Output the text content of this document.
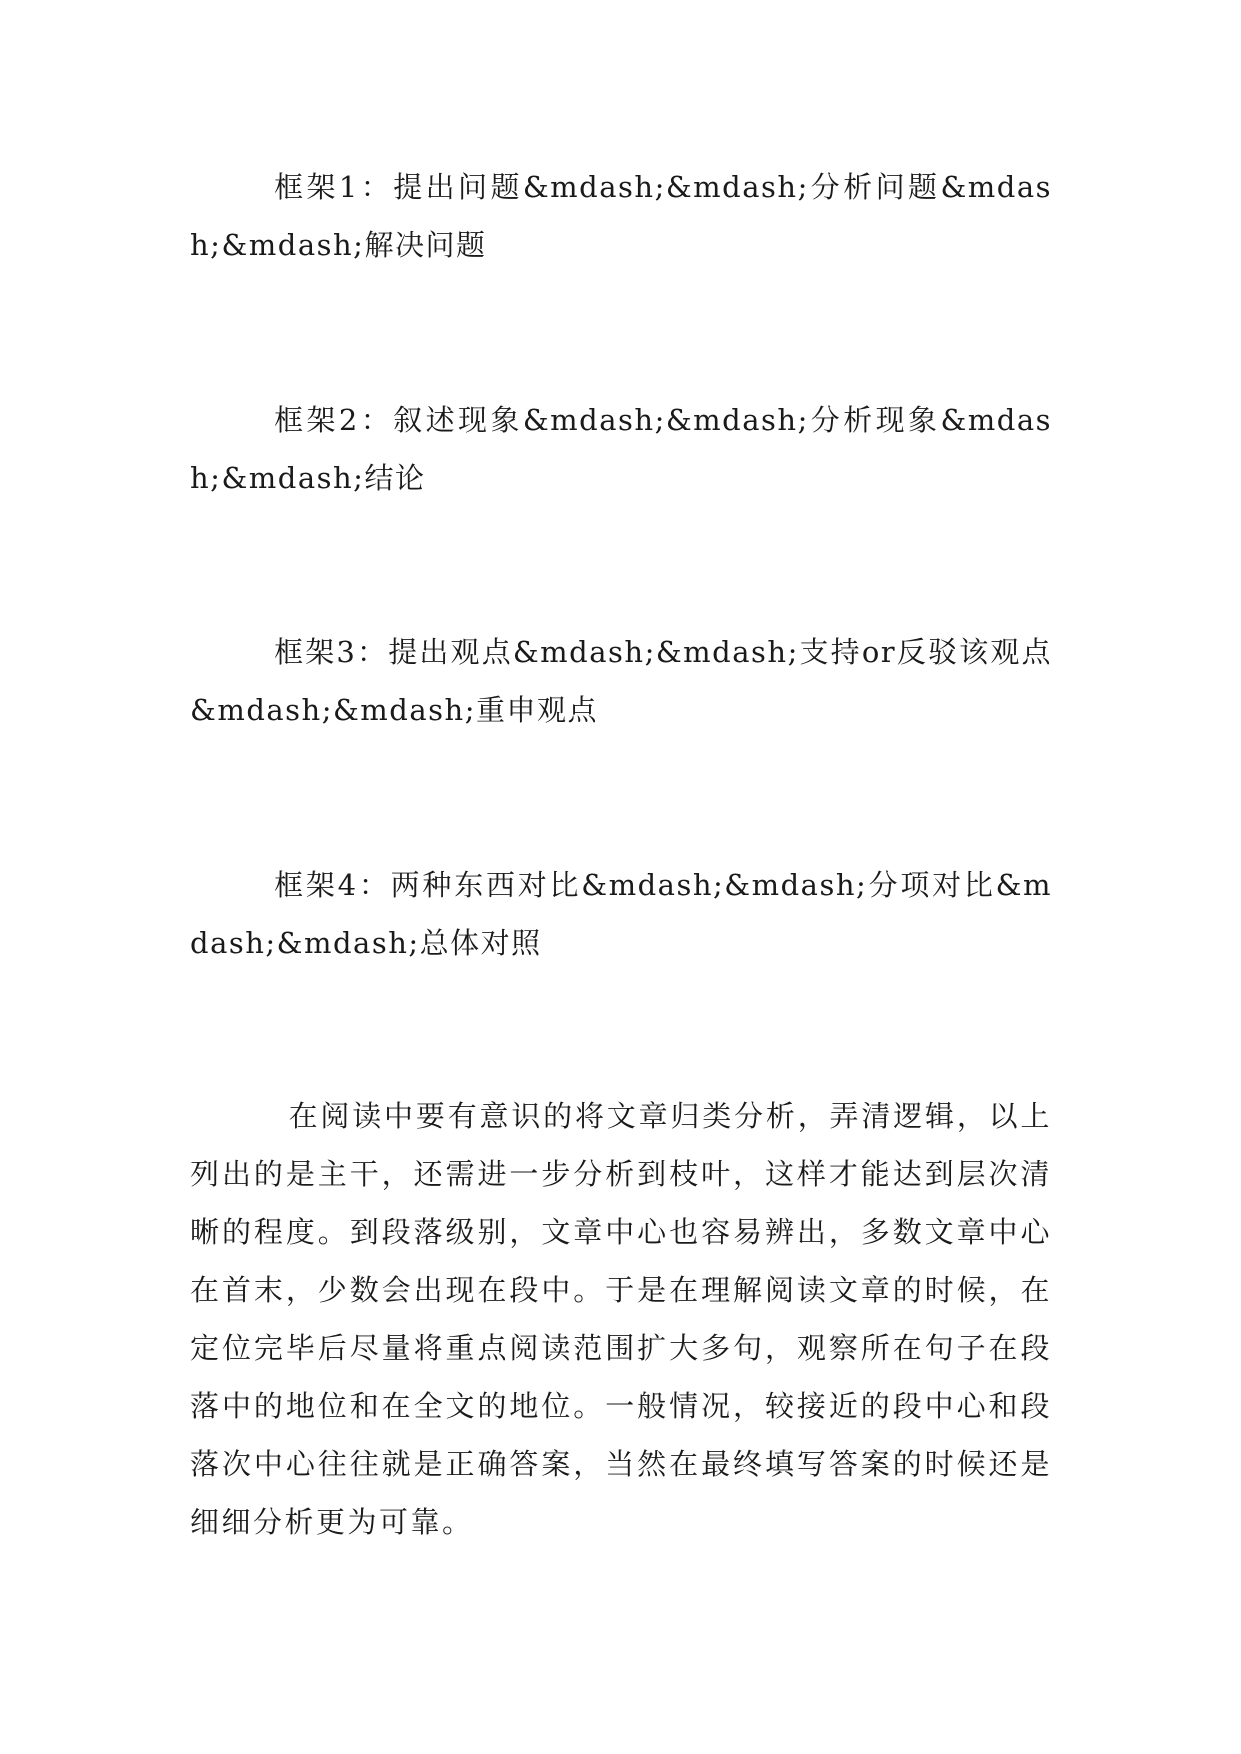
框架1：提出问题&mdash;&mdash;分析问题&mdash;&mdash;解决问题

框架2：叙述现象&mdash;&mdash;分析现象&mdash;&mdash;结论

框架3：提出观点&mdash;&mdash;支持or反驳该观点&mdash;&mdash;重申观点

框架4：两种东西对比&mdash;&mdash;分项对比&mdash;&mdash;总体对照

在阅读中要有意识的将文章归类分析，弄清逻辑，以上列出的是主干，还需进一步分析到枝叶，这样才能达到层次清晰的程度。到段落级别，文章中心也容易辨出，多数文章中心在首末，少数会出现在段中。于是在理解阅读文章的时候，在定位完毕后尽量将重点阅读范围扩大多句，观察所在句子在段落中的地位和在全文的地位。一般情况，较接近的段中心和段落次中心往往就是正确答案，当然在最终填写答案的时候还是细细分析更为可靠。
